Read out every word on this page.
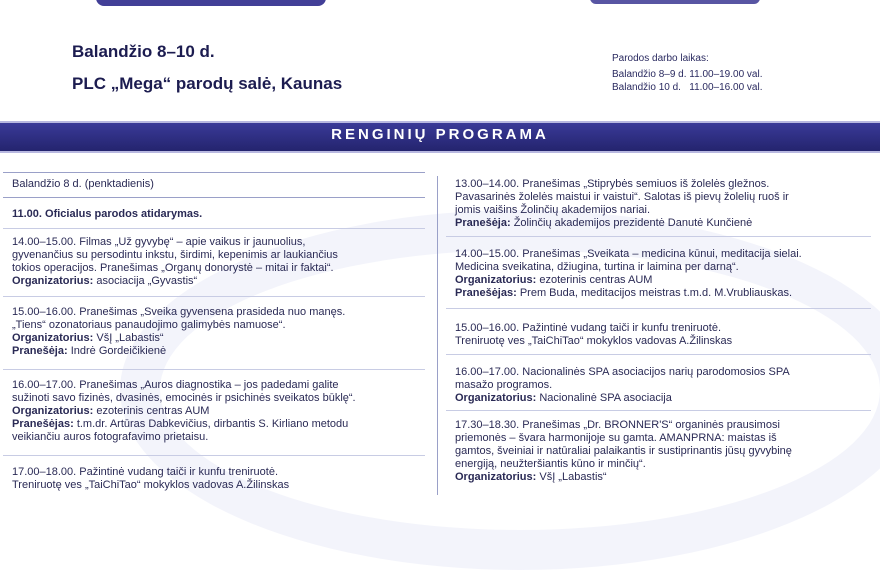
Balandžio 8–10 d.
PLC „Mega“ parodų salė, Kaunas
Parodos darbo laikas:
Balandžio 8–9 d. 11.00–19.00 val.
Balandžio 10 d.   11.00–16.00 val.
RENGINIŲ PROGRAMA
Balandžio 8 d. (penktadienis)
11.00. Oficialus parodos atidarymas.
14.00–15.00. Filmas „Už gyvybę“ – apie vaikus ir jaunuolius,
gyvenančius su persodintu inkstu, širdimi, kepenimis ar laukiančius
tokios operacijos. Pranešimas „Organų donorystė – mitai ir faktai“.
Organizatorius: asociacija „Gyvastis“
15.00–16.00. Pranešimas „Sveika gyvensena prasideda nuo manęs.
„Tiens“ ozonatoriaus panaudojimo galimybės namuose“.
Organizatorius: VšĮ „Labastis“
Pranešėja: Indrė Gordeičikienė
16.00–17.00. Pranešimas „Auros diagnostika – jos padedami galite
sužinoti savo fizinės, dvasinės, emocinės ir psichinės sveikatos būklę“.
Organizatorius: ezoterinis centras AUM
Pranešėjas: t.m.dr. Artūras Dabkevičius, dirbantis S. Kirliano metodu
veikiančiu auros fotografavimo prietaisu.
17.00–18.00. Pažintinė vudang taiči ir kunfu treniruotė.
Treniruotę ves „TaiChiTao“ mokyklos vadovas A.Žilinskas
13.00–14.00. Pranešimas „Stiprybės semiuos iš žolelės gležnos.
Pavasarinės žolelės maistui ir vaistui“. Salotas iš pievų žolelių ruoš ir
jomis vaišins Žolinčių akademijos nariai.
Pranešėja: Žolinčių akademijos prezidentė Danutė Kunčienė
14.00–15.00. Pranešimas „Sveikata – medicina kūnui, meditacija sielai.
Medicina sveikatina, džiugina, turtina ir laimina per darną“.
Organizatorius: ezoterinis centras AUM
Pranešėjas: Prem Buda, meditacijos meistras t.m.d. M.Vrubliauskas.
15.00–16.00. Pažintinė vudang taiči ir kunfu treniruotė.
Treniruotę ves „TaiChiTao“ mokyklos vadovas A.Žilinskas
16.00–17.00. Nacionalinės SPA asociacijos narių parodomosios SPA
masažo programos.
Organizatorius: Nacionalinė SPA asociacija
17.30–18.30. Pranešimas „Dr. BRONNER'S“ organinės prausimosi
priemonės – švara harmonijoje su gamta. AMANPRNA: maistas iš
gamtos, šveiniai ir natūraliai palaikantis ir sustiprinantis jūsų gyvybinę
energiją, neužteršiantis kūno ir minčių“.
Organizatorius: VšĮ „Labastis“
